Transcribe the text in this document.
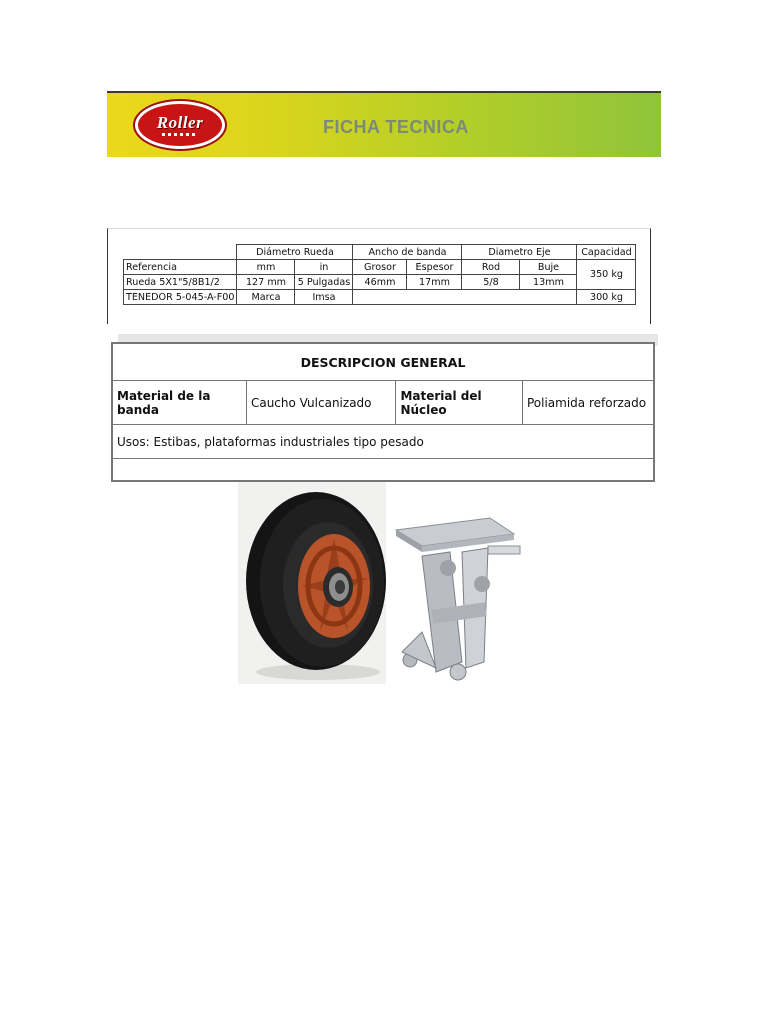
Roller	FICHA TECNICA
	Diámetro Rueda		Ancho de banda		Diametro Eje		Capacidad
Referencia	mm	in	Grosor	Espesor	Rod	Buje	350 kg
Rueda 5X1"5/8B1/2	127 mm	5 Pulgadas	46mm	17mm	5/8	13mm	
TENEDOR 5-045-A-F00	Marca	Imsa					300 kg
DESCRIPCION GENERAL
Material de la banda	Caucho Vulcanizado	Material del Núcleo	Poliamida reforzado
Usos: Estibas, plataformas industriales tipo pesado
